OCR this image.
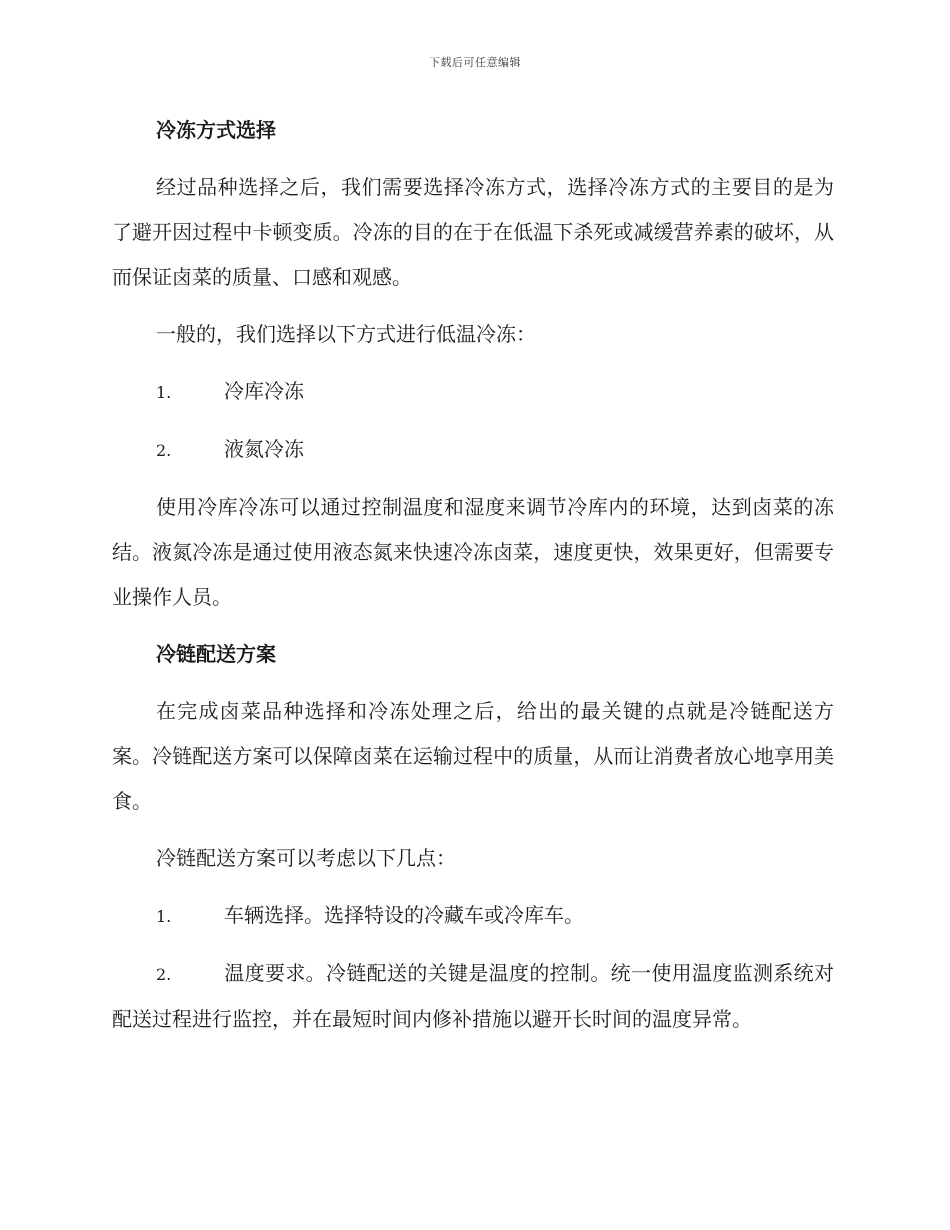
下载后可任意编辑
冷冻方式选择
经过品种选择之后，我们需要选择冷冻方式，选择冷冻方式的主要目的是为了避开因过程中卡顿变质。冷冻的目的在于在低温下杀死或减缓营养素的破坏，从而保证卤菜的质量、口感和观感。
一般的，我们选择以下方式进行低温冷冻：
1.	冷库冷冻
2.	液氮冷冻
使用冷库冷冻可以通过控制温度和湿度来调节冷库内的环境，达到卤菜的冻结。液氮冷冻是通过使用液态氮来快速冷冻卤菜，速度更快，效果更好，但需要专业操作人员。
冷链配送方案
在完成卤菜品种选择和冷冻处理之后，给出的最关键的点就是冷链配送方案。冷链配送方案可以保障卤菜在运输过程中的质量，从而让消费者放心地享用美食。
冷链配送方案可以考虑以下几点：
1.	车辆选择。选择特设的冷藏车或冷库车。
2.	温度要求。冷链配送的关键是温度的控制。统一使用温度监测系统对配送过程进行监控，并在最短时间内修补措施以避开长时间的温度异常。
